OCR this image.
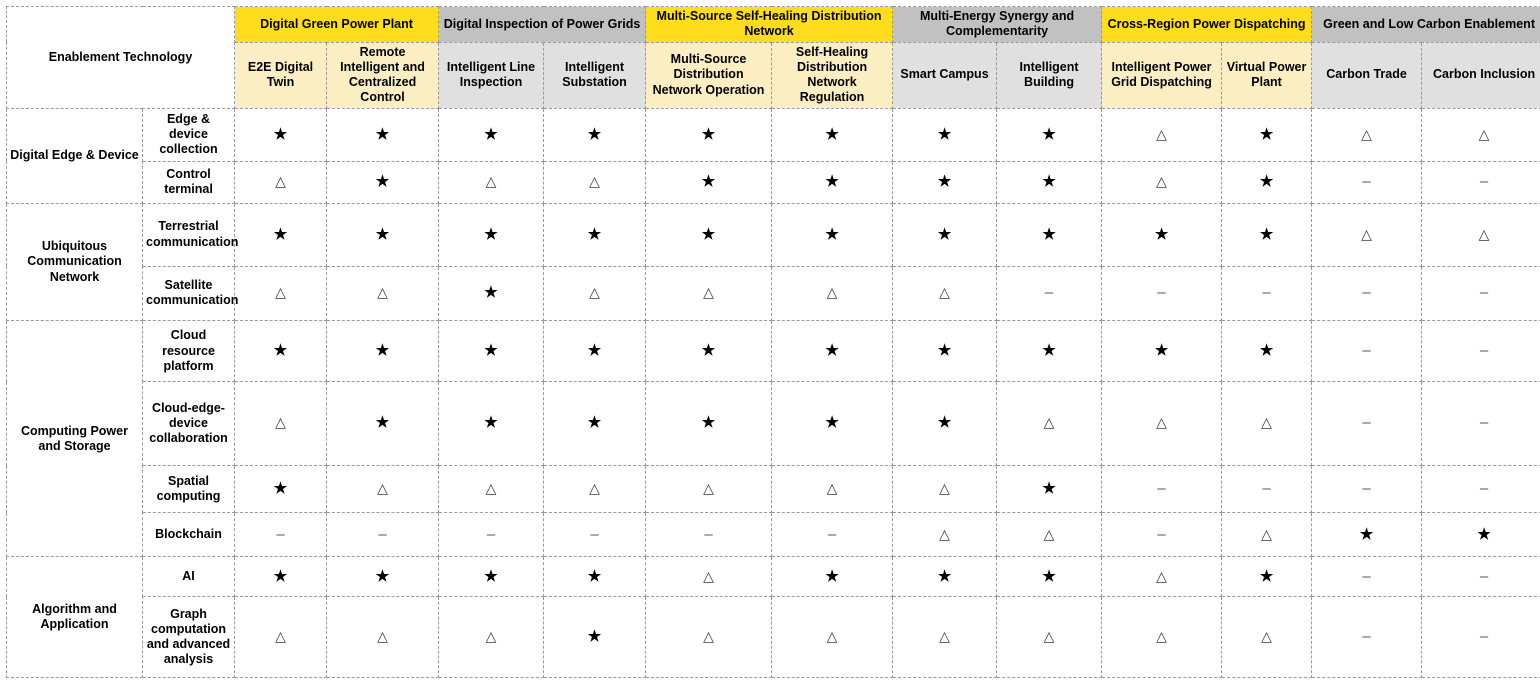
Enablement Technology		Digital Green Power Plant		Digital Inspection of Power Grids		Multi-Source Self-Healing Distribution Network		Multi-Energy Synergy and Complementarity		Cross-Region Power Dispatching		Green and Low Carbon Enablement	
		E2E Digital Twin	Remote Intelligent and Centralized Control	Intelligent Line Inspection	Intelligent Substation	Multi-Source Distribution Network Operation	Self-Healing Distribution Network Regulation	Smart Campus	Intelligent Building	Intelligent Power Grid Dispatching	Virtual Power Plant	Carbon Trade	Carbon Inclusion
Digital Edge & Device	Edge & device collection	★	★	★	★	★	★	★	★	△	★	△	△
	Control terminal	△	★	△	△	★	★	★	★	△	★	–	–
Ubiquitous Communication Network	Terrestrial communication	★	★	★	★	★	★	★	★	★	★	△	△
	Satellite communication	△	△	★	△	△	△	△	–	–	–	–	–
Computing Power and Storage	Cloud resource platform	★	★	★	★	★	★	★	★	★	★	–	–
	Cloud-edge-device collaboration	△	★	★	★	★	★	★	△	△	△	–	–
	Spatial computing	★	△	△	△	△	△	△	★	–	–	–	–
	Blockchain	–	–	–	–	–	–	△	△	–	△	★	★
Algorithm and Application	AI	★	★	★	★	△	★	★	★	△	★	–	–
	Graph computation and advanced analysis	△	△	△	★	△	△	△	△	△	△	–	–
